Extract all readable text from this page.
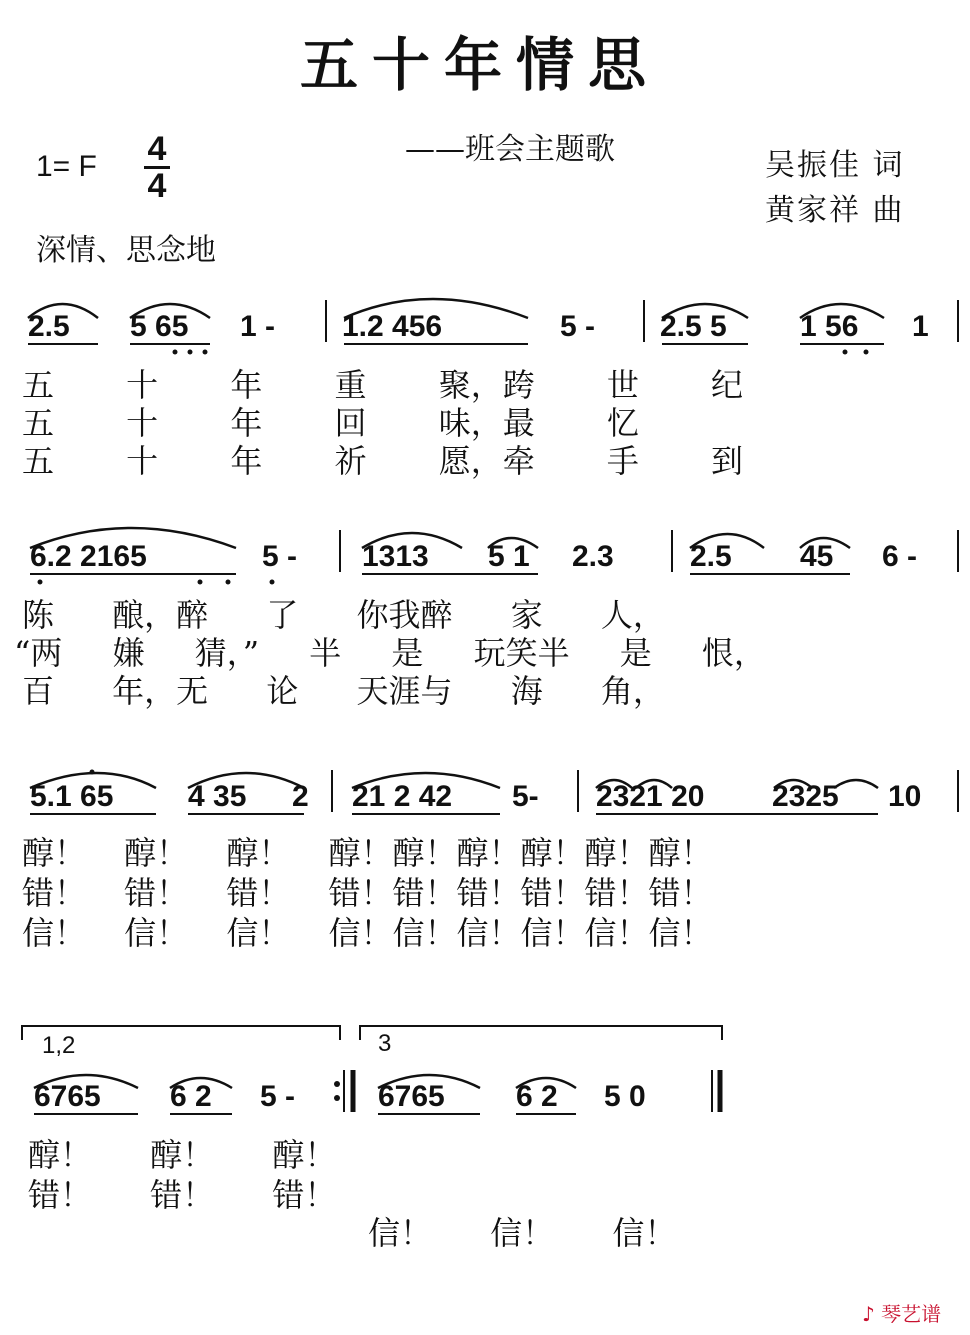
五十年情思
——班会主题歌
1= F 4
4
吴振佳 词
黄家祥 曲
深情、思念地
2.5 5 65 1 - 1.2 456	5 - 2.5 5 1 56 1
五 十 年 重 聚，跨 世 纪
五 十 年 回 味，最 忆
五 十 年 祈 愿，牵 手 到
6.2 2165	5 - 1313 5 1 2.3	2.5 45 6 -
陈 酿，醉 了 你我醉 家 人，
“两 嫌 猜，” 半 是 玩笑半 是 恨，
百 年，无 论 天涯与 海 角，
5.1 65 4 35 2 21 2 42 5- 2321 20 2325 10
醇！ 醇！ 醇！ 醇！醇！醇！醇！醇！醇！
错！ 错！ 错！ 错！错！错！错！错！错！
信！ 信！ 信！ 信！信！信！信！信！信！
1,2	3
6765 6 2 5 -	6765 6 2 5 0
醇！ 醇！ 醇！
错！ 错！ 错！
信！ 信！ 信！
♪ 琴艺谱
